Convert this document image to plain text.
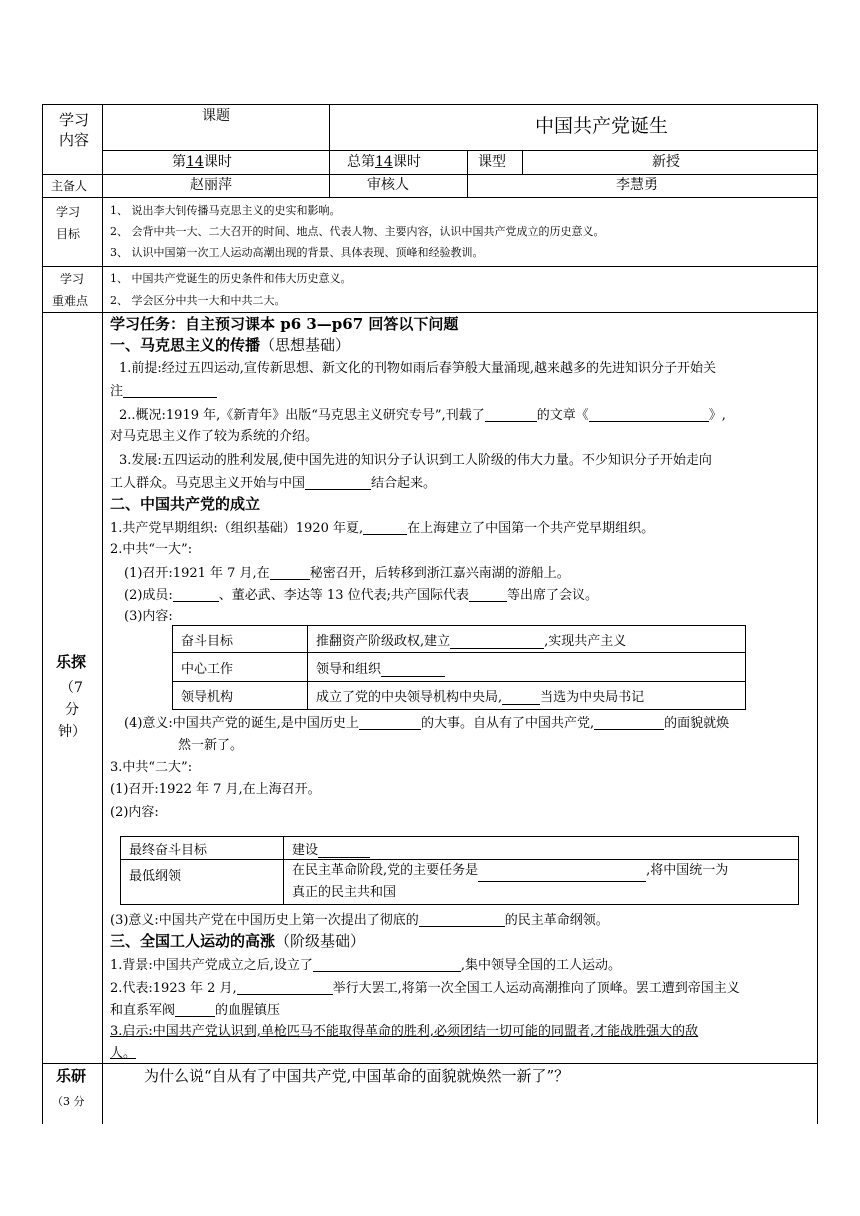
学习内容
课题	中国共产党诞生
第14课时	总第14课时	课型	新授
主备人	赵丽萍	审核人	李慧勇
学习
目标
1、 说出李大钊传播马克思主义的史实和影响。
2、 会背中共一大、二大召开的时间、地点、代表人物、主要内容，认识中国共产党成立的历史意义。
3、 认识中国第一次工人运动高潮出现的背景、具体表现、顶峰和经验教训。
学习
重难点
1、 中国共产党诞生的历史条件和伟大历史意义。
2、 学会区分中共一大和中共二大。
乐探
（7
分
钟）
学习任务：自主预习课本 p6 3—p67 回答以下问题
一、马克思主义的传播（思想基础）
1.前提:经过五四运动,宣传新思想、新文化的刊物如雨后春笋般大量涌现,越来越多的先进知识分子开始关
注
2..概况:1919 年,《新青年》出版“马克思主义研究专号”,刊载了	的文章《	》,
对马克思主义作了较为系统的介绍。
3.发展:五四运动的胜利发展,使中国先进的知识分子认识到工人阶级的伟大力量。不少知识分子开始走向
工人群众。马克思主义开始与中国	结合起来。
二、中国共产党的成立
1.共产党早期组织:（组织基础）1920 年夏,	在上海建立了中国第一个共产党早期组织。
2.中共“一大”:
(1)召开:1921 年 7 月,在	秘密召开，后转移到浙江嘉兴南湖的游船上。
(2)成员:	、董必武、李达等 13 位代表;共产国际代表	等出席了会议。
(3)内容:
奋斗目标	推翻资产阶级政权,建立 ,实现共产主义
中心工作	领导和组织
领导机构	成立了党的中央领导机构中央局, 当选为中央局书记
(4)意义:中国共产党的诞生,是中国历史上	的大事。自从有了中国共产党,	的面貌就焕
然一新了。
3.中共“二大”:
(1)召开:1922 年 7 月,在上海召开。
(2)内容:
最终奋斗目标	建设
最低纲领	在民主革命阶段,党的主要任务是 ,将中国统一为
真正的民主共和国
(3)意义:中国共产党在中国历史上第一次提出了彻底的	的民主革命纲领。
三、全国工人运动的高涨（阶级基础）
1.背景:中国共产党成立之后,设立了	,集中领导全国的工人运动。
2.代表:1923 年 2 月,	举行大罢工,将第一次全国工人运动高潮推向了顶峰。罢工遭到帝国主义
和直系军阀	的血腥镇压
3.启示:中国共产党认识到,单枪匹马不能取得革命的胜利,必须团结一切可能的同盟者,才能战胜强大的敌
人。
乐研
（3 分
为什么说“自从有了中国共产党,中国革命的面貌就焕然一新了”？
